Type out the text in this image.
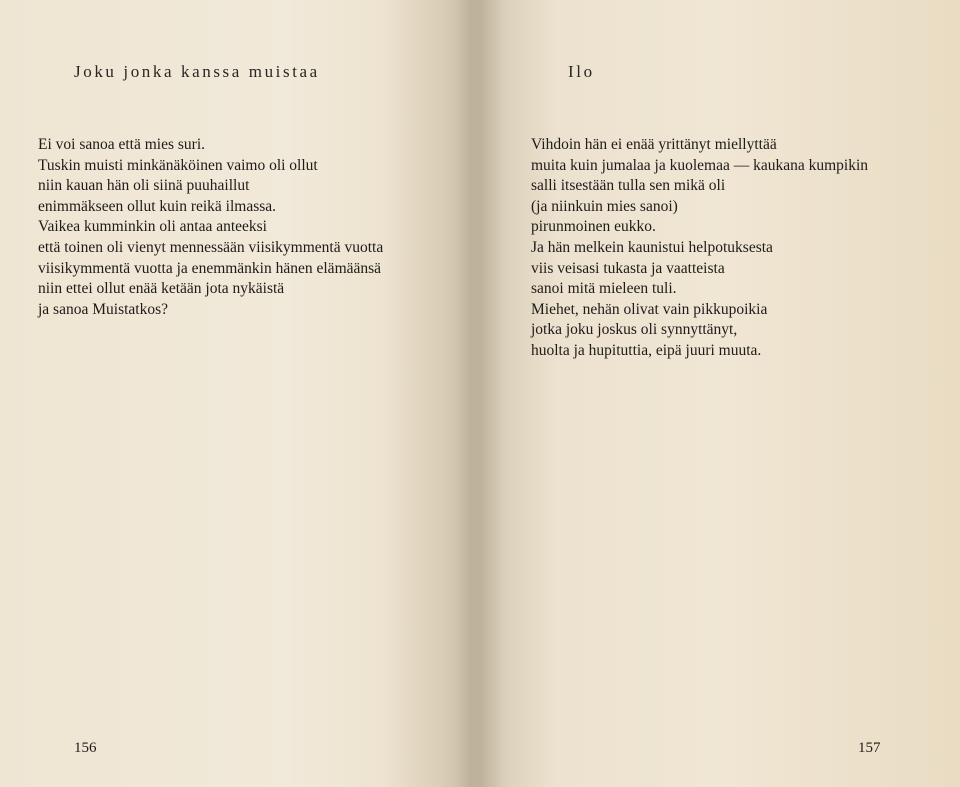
Joku jonka kanssa muistaa
Ei voi sanoa että mies suri.
Tuskin muisti minkänäköinen vaimo oli ollut
niin kauan hän oli siinä puuhaillut
enimmäkseen ollut kuin reikä ilmassa.
Vaikea kumminkin oli antaa anteeksi
että toinen oli vienyt mennessään viisikymmentä vuotta
viisikymmentä vuotta ja enemmänkin hänen elämäänsä
niin ettei ollut enää ketään jota nykäistä
ja sanoa Muistatkos?
156
Ilo
Vihdoin hän ei enää yrittänyt miellyttää
muita kuin jumalaa ja kuolemaa — kaukana kumpikin
salli itsestään tulla sen mikä oli
(ja niinkuin mies sanoi)
pirunmoinen eukko.
Ja hän melkein kaunistui helpotuksesta
viis veisasi tukasta ja vaatteista
sanoi mitä mieleen tuli.
Miehet, nehän olivat vain pikkupoikia
jotka joku joskus oli synnyttänyt,
huolta ja hupituttia, eipä juuri muuta.
157
